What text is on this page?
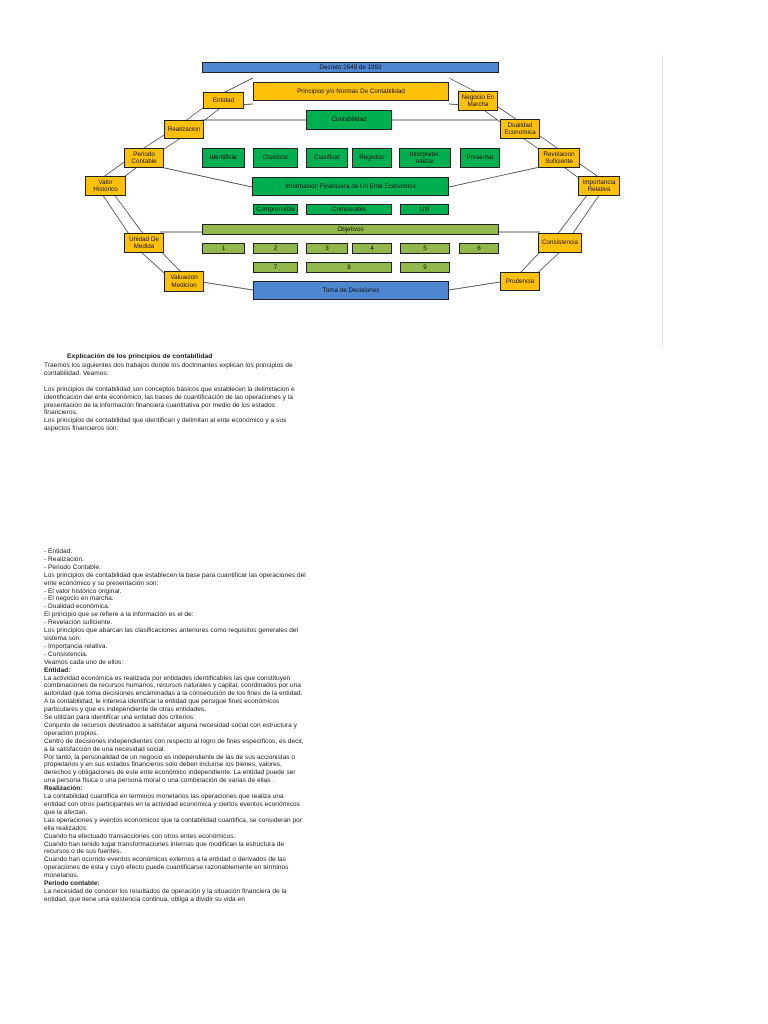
Decreto 2649 de 1993
Principios y/o Normas De Contabilidad
Contabilidad
Entidad
Realizacion
Periodo
Contable
Valor
Historico
Unidad De
Medida
Valuacion
Medicion
Negocio En
Marcha
Dualidad
Economica
Revelacion
Suficiente
Importancia
Relativa
Consistencia
Prudencia
Identificar	Clasificar	Clasificar	Registrar
Interpretar,
nalizar
Presentar
Informacion Financiera de Un Ente Economico
Comprensible	Comparable	Util
Objetivos
1	2	3	4	5	6
7	8	9
Toma de Decisiones
Explicación de los principios de contabilidad

Traemos los siguientes dos trabajos donde los doctrinantes explican los principios de contabilidad. Veamos:

Los principios de contabilidad son conceptos básicos que establecen la delimitación e identificación del ente económico, las bases de cuantificación de las operaciones y la presentación de la información financiera cuantitativa por medio de los estados financieros.

Los principios de contabilidad que identifican y delimitan al ente económico y a sus aspectos financieros son:

- Entidad.

- Realización.

- Periodo Contable.

Los principios de contabilidad que establecen la base para cuantificar las operaciones del ente económico y su presentación son:

- El valor histórico original.

- El negocio en marcha.

- Dualidad económica.

El principio que se refiere a la información es el de:

- Revelación suficiente.

Los principios que abarcan las clasificaciones anteriores como requisitos generales del sistema son:

- Importancia relativa.

- Consistencia.

Veamos cada uno de ellos:

Entidad:

La actividad económica es realizada por entidades identificables las que constituyen combinaciones de recursos humanos, recursos naturales y capital, coordinados por una autoridad que toma decisiones encaminadas a la consecución de los fines de la entidad.

A la contabilidad, le interesa identificar la entidad que persigue fines económicos particulares y que es independiente de otras entidades.

Se utilizan para identificar una entidad dos criterios:

Conjunto de recursos destinados a satisfacer alguna necesidad social con estructura y operación propios.

Centro de decisiones independientes con respecto al logro de fines específicos, es decir, a la satisfacción de una necesidad social.

Por tanto, la personalidad de un negocio es independiente de las de sus accionistas o propietarios y en sus estados financieros solo deben incluirse los bienes, valores, derechos y obligaciones de este ente económico independiente. La entidad puede ser una persona física o una persona moral o una combinación de varias de ellas .

Realización:

La contabilidad cuantifica en términos monetarios las operaciones que realiza una entidad con otros participantes en la actividad económica y ciertos eventos económicos que la afectan.

Las operaciones y eventos económicos que la contabilidad cuantifica, se consideran por ella realizados:

Cuando ha efectuado transacciones con otros entes económicos.

Cuando han tenido lugar transformaciones internas que modifican la estructura de recursos o de sus fuentes.

Cuando han ocurrido eventos económicos externos a la entidad o derivados de las operaciones de ésta y cuyo efecto puede cuantificarse razonablemente en términos monetarios.

Periodo contable:

La necesidad de conocer los resultados de operación y la situación financiera de la entidad, que tiene una existencia continua, obliga a dividir su vida en
